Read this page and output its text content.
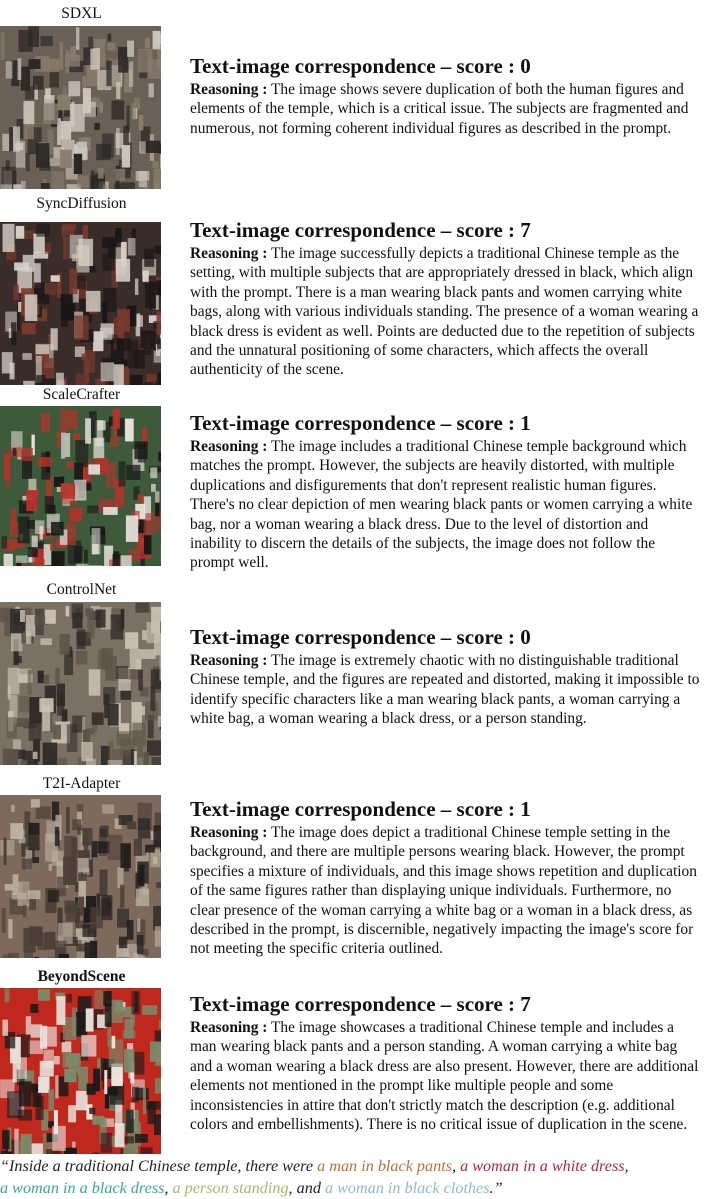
SDXL
Text-image correspondence – score : 0

Reasoning : The image shows severe duplication of both the human figures and elements of the temple, which is a critical issue. The subjects are fragmented and numerous, not forming coherent individual figures as described in the prompt.

SyncDiffusion
Text-image correspondence – score : 7

Reasoning : The image successfully depicts a traditional Chinese temple as the setting, with multiple subjects that are appropriately dressed in black, which align with the prompt. There is a man wearing black pants and women carrying white bags, along with various individuals standing. The presence of a woman wearing a black dress is evident as well. Points are deducted due to the repetition of subjects and the unnatural positioning of some characters, which affects the overall authenticity of the scene.

ScaleCrafter
Text-image correspondence – score : 1

Reasoning : The image includes a traditional Chinese temple background which matches the prompt. However, the subjects are heavily distorted, with multiple duplications and disfigurements that don't represent realistic human figures. There's no clear depiction of men wearing black pants or women carrying a white bag, nor a woman wearing a black dress. Due to the level of distortion and inability to discern the details of the subjects, the image does not follow the prompt well.

ControlNet
Text-image correspondence – score : 0

Reasoning : The image is extremely chaotic with no distinguishable traditional Chinese temple, and the figures are repeated and distorted, making it impossible to identify specific characters like a man wearing black pants, a woman carrying a white bag, a woman wearing a black dress, or a person standing.

T2I-Adapter
Text-image correspondence – score : 1

Reasoning : The image does depict a traditional Chinese temple setting in the background, and there are multiple persons wearing black. However, the prompt specifies a mixture of individuals, and this image shows repetition and duplication of the same figures rather than displaying unique individuals. Furthermore, no clear presence of the woman carrying a white bag or a woman in a black dress, as described in the prompt, is discernible, negatively impacting the image's score for not meeting the specific criteria outlined.

BeyondScene
Text-image correspondence – score : 7

Reasoning : The image showcases a traditional Chinese temple and includes a man wearing black pants and a person standing. A woman carrying a white bag and a woman wearing a black dress are also present. However, there are additional elements not mentioned in the prompt like multiple people and some inconsistencies in attire that don't strictly match the description (e.g. additional colors and embellishments). There is no critical issue of duplication in the scene.

“Inside a traditional Chinese temple, there were a man in black pants, a woman in a white dress,
a woman in a black dress, a person standing, and a woman in black clothes.”
